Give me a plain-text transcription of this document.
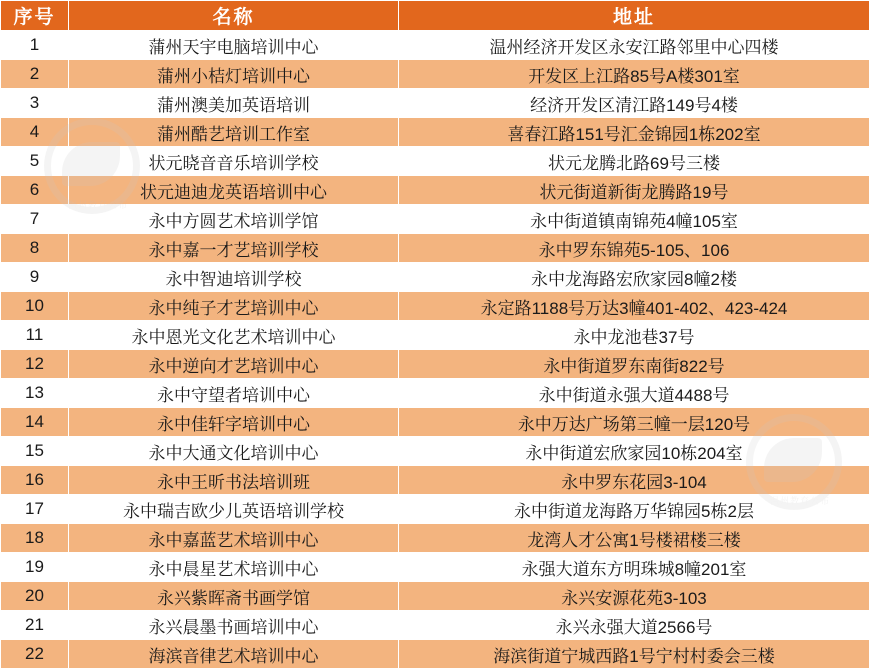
序号	名称	地址
1	蒲州天宇电脑培训中心	温州经济开发区永安江路邻里中心四楼
2	蒲州小桔灯培训中心	开发区上江路85号A楼301室
3	蒲州澳美加英语培训	经济开发区清江路149号4楼
4	蒲州酷艺培训工作室	喜春江路151号汇金锦园1栋202室
5	状元晓音音乐培训学校	状元龙腾北路69号三楼
6	状元迪迪龙英语培训中心	状元街道新街龙腾路19号
7	永中方圆艺术培训学馆	永中街道镇南锦苑4幢105室
8	永中嘉一才艺培训学校	永中罗东锦苑5-105、106
9	永中智迪培训学校	永中龙海路宏欣家园8幢2楼
10	永中纯子才艺培训中心	永定路1188号万达3幢401-402、423-424
11	永中恩光文化艺术培训中心	永中龙池巷37号
12	永中逆向才艺培训中心	永中街道罗东南街822号
13	永中守望者培训中心	永中街道永强大道4488号
14	永中佳轩字培训中心	永中万达广场第三幢一层120号
15	永中大通文化培训中心	永中街道宏欣家园10栋204室
16	永中王昕书法培训班	永中罗东花园3-104
17	永中瑞吉欧少儿英语培训学校	永中街道龙海路万华锦园5栋2层
18	永中嘉蓝艺术培训中心	龙湾人才公寓1号楼裙楼三楼
19	永中晨星艺术培训中心	永强大道东方明珠城8幢201室
20	永兴紫晖斋书画学馆	永兴安源花苑3-103
21	永兴晨墨书画培训中心	永兴永强大道2566号
22	海滨音律艺术培训中心	海滨街道宁城西路1号宁村村委会三楼
